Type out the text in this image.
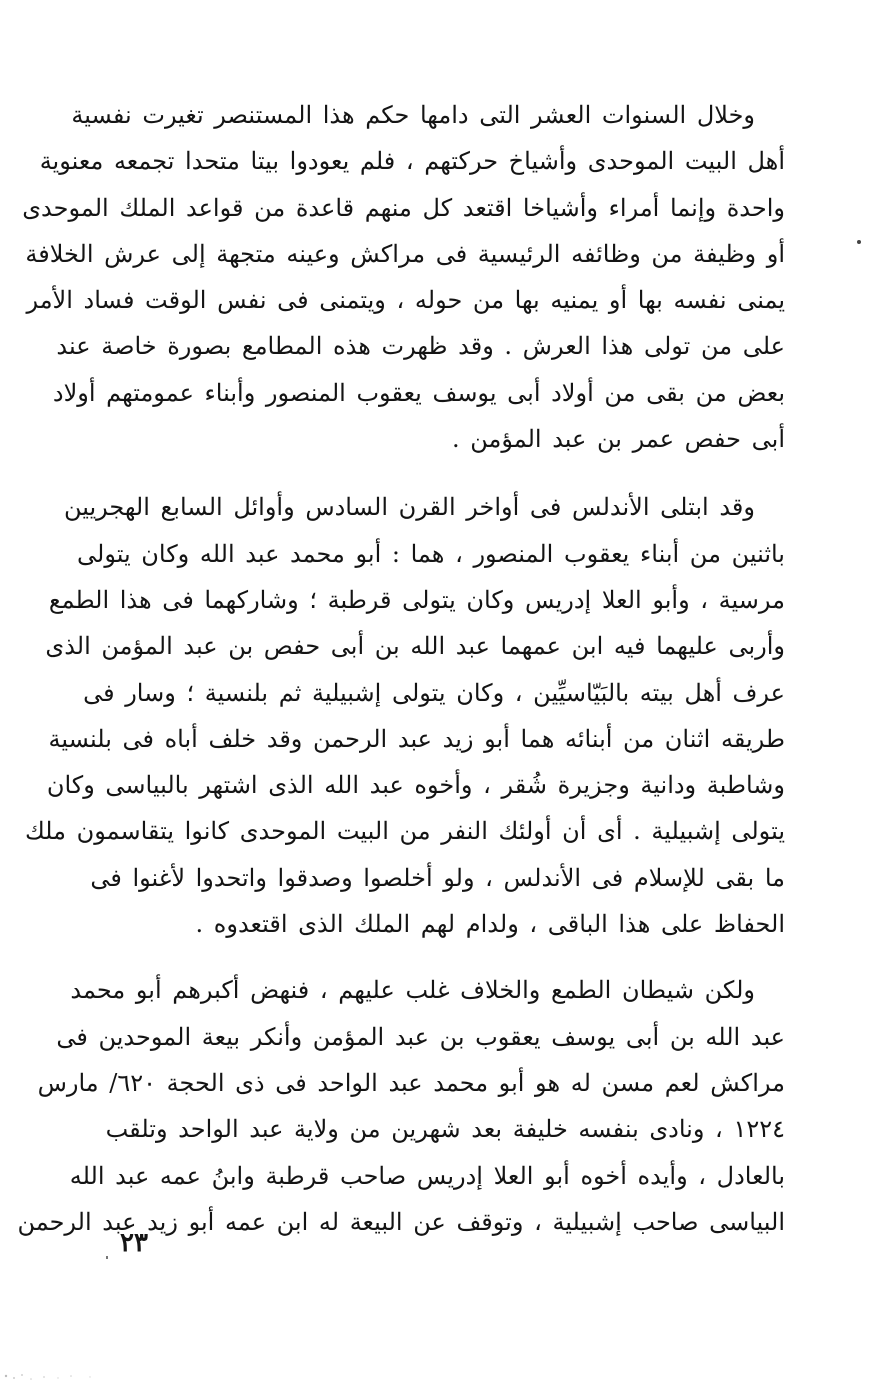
وخلال السنوات العشر التى دامها حكم هذا المستنصر تغيرت نفسية
أهل البيت الموحدى وأشياخ حركتهم ، فلم يعودوا بيتا متحدا تجمعه معنوية
واحدة وإنما أمراء وأشياخا اقتعد كل منهم قاعدة من قواعد الملك الموحدى
أو وظيفة من وظائفه الرئيسية فى مراكش وعينه متجهة إلى عرش الخلافة
يمنى نفسه بها أو يمنيه بها من حوله ، ويتمنى فى نفس الوقت فساد الأمر
على من تولى هذا العرش . وقد ظهرت هذه المطامع بصورة خاصة عند
بعض من بقى من أولاد أبى يوسف يعقوب المنصور وأبناء عمومتهم أولاد
أبى حفص عمر بن عبد المؤمن .

وقد ابتلى الأندلس فى أواخر القرن السادس وأوائل السابع الهجريين
باثنين من أبناء يعقوب المنصور ، هما : أبو محمد عبد الله وكان يتولى
مرسية ، وأبو العلا إدريس وكان يتولى قرطبة ؛ وشاركهما فى هذا الطمع
وأربى عليهما فيه ابن عمهما عبد الله بن أبى حفص بن عبد المؤمن الذى
عرف أهل بيته بالبَيّاسيِّين ، وكان يتولى إشبيلية ثم بلنسية ؛ وسار فى
طريقه اثنان من أبنائه هما أبو زيد عبد الرحمن وقد خلف أباه فى بلنسية
وشاطبة ودانية وجزيرة شُقر ، وأخوه عبد الله الذى اشتهر بالبياسى وكان
يتولى إشبيلية . أى أن أولئك النفر من البيت الموحدى كانوا يتقاسمون ملك
ما بقى للإسلام فى الأندلس ، ولو أخلصوا وصدقوا واتحدوا لأغنوا فى
الحفاظ على هذا الباقى ، ولدام لهم الملك الذى اقتعدوه .

ولكن شيطان الطمع والخلاف غلب عليهم ، فنهض أكبرهم أبو محمد
عبد الله بن أبى يوسف يعقوب بن عبد المؤمن وأنكر بيعة الموحدين فى
مراكش لعم مسن له هو أبو محمد عبد الواحد فى ذى الحجة ٦٢٠/ مارس
١٢٢٤ ، ونادى بنفسه خليفة بعد شهرين من ولاية عبد الواحد وتلقب
بالعادل ، وأيده أخوه أبو العلا إدريس صاحب قرطبة وابنُ عمه عبد الله
البياسى صاحب إشبيلية ، وتوقف عن البيعة له ابن عمه أبو زيد عبد الرحمن

٢٣
